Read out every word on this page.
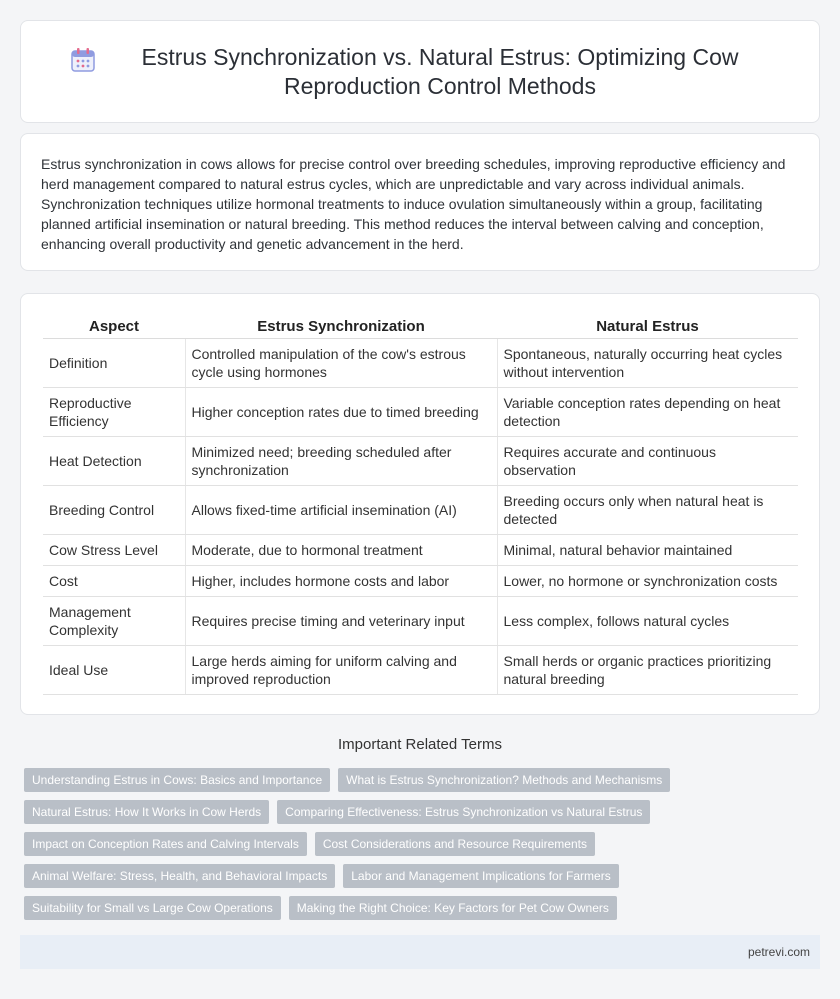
Estrus Synchronization vs. Natural Estrus: Optimizing Cow Reproduction Control Methods

Estrus synchronization in cows allows for precise control over breeding schedules, improving reproductive efficiency and herd management compared to natural estrus cycles, which are unpredictable and vary across individual animals. Synchronization techniques utilize hormonal treatments to induce ovulation simultaneously within a group, facilitating planned artificial insemination or natural breeding. This method reduces the interval between calving and conception, enhancing overall productivity and genetic advancement in the herd.

Aspect	Estrus Synchronization	Natural Estrus
Definition	Controlled manipulation of the cow's estrous cycle using hormones	Spontaneous, naturally occurring heat cycles without intervention
Reproductive Efficiency	Higher conception rates due to timed breeding	Variable conception rates depending on heat detection
Heat Detection	Minimized need; breeding scheduled after synchronization	Requires accurate and continuous observation
Breeding Control	Allows fixed-time artificial insemination (AI)	Breeding occurs only when natural heat is detected
Cow Stress Level	Moderate, due to hormonal treatment	Minimal, natural behavior maintained
Cost	Higher, includes hormone costs and labor	Lower, no hormone or synchronization costs
Management Complexity	Requires precise timing and veterinary input	Less complex, follows natural cycles
Ideal Use	Large herds aiming for uniform calving and improved reproduction	Small herds or organic practices prioritizing natural breeding
Important Related Terms
Understanding Estrus in Cows: Basics and Importance	What is Estrus Synchronization? Methods and Mechanisms
Natural Estrus: How It Works in Cow Herds	Comparing Effectiveness: Estrus Synchronization vs Natural Estrus
Impact on Conception Rates and Calving Intervals	Cost Considerations and Resource Requirements
Animal Welfare: Stress, Health, and Behavioral Impacts	Labor and Management Implications for Farmers
Suitability for Small vs Large Cow Operations	Making the Right Choice: Key Factors for Pet Cow Owners
petrevi.com
